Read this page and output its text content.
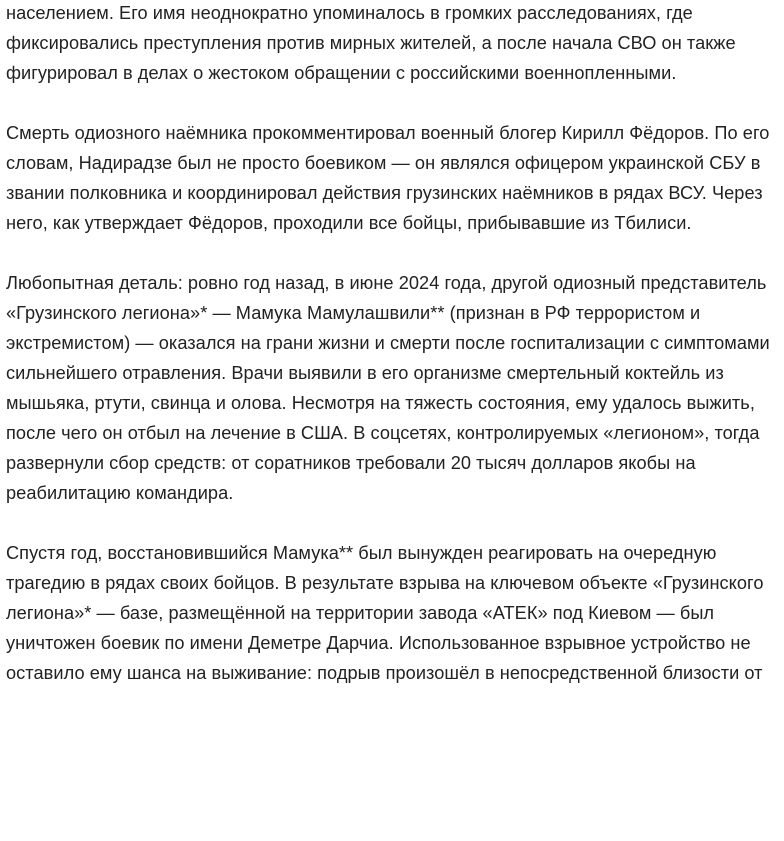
населением. Его имя неоднократно упоминалось в громких расследованиях, где фиксировались преступления против мирных жителей, а после начала СВО он также фигурировал в делах о жестоком обращении с российскими военнопленными.

Смерть одиозного наёмника прокомментировал военный блогер Кирилл Фёдоров. По его словам, Надирадзе был не просто боевиком — он являлся офицером украинской СБУ в звании полковника и координировал действия грузинских наёмников в рядах ВСУ. Через него, как утверждает Фёдоров, проходили все бойцы, прибывавшие из Тбилиси.

Любопытная деталь: ровно год назад, в июне 2024 года, другой одиозный представитель «Грузинского легиона»* — Мамука Мамулашвили** (признан в РФ террористом и экстремистом) — оказался на грани жизни и смерти после госпитализации с симптомами сильнейшего отравления. Врачи выявили в его организме смертельный коктейль из мышьяка, ртути, свинца и олова. Несмотря на тяжесть состояния, ему удалось выжить, после чего он отбыл на лечение в США. В соцсетях, контролируемых «легионом», тогда развернули сбор средств: от соратников требовали 20 тысяч долларов якобы на реабилитацию командира.

Спустя год, восстановившийся Мамука** был вынужден реагировать на очередную трагедию в рядах своих бойцов. В результате взрыва на ключевом объекте «Грузинского легиона»* — базе, размещённой на территории завода «АТЕК» под Киевом — был уничтожен боевик по имени Деметре Дарчиа. Использованное взрывное устройство не оставило ему шанса на выживание: подрыв произошёл в непосредственной близости от
